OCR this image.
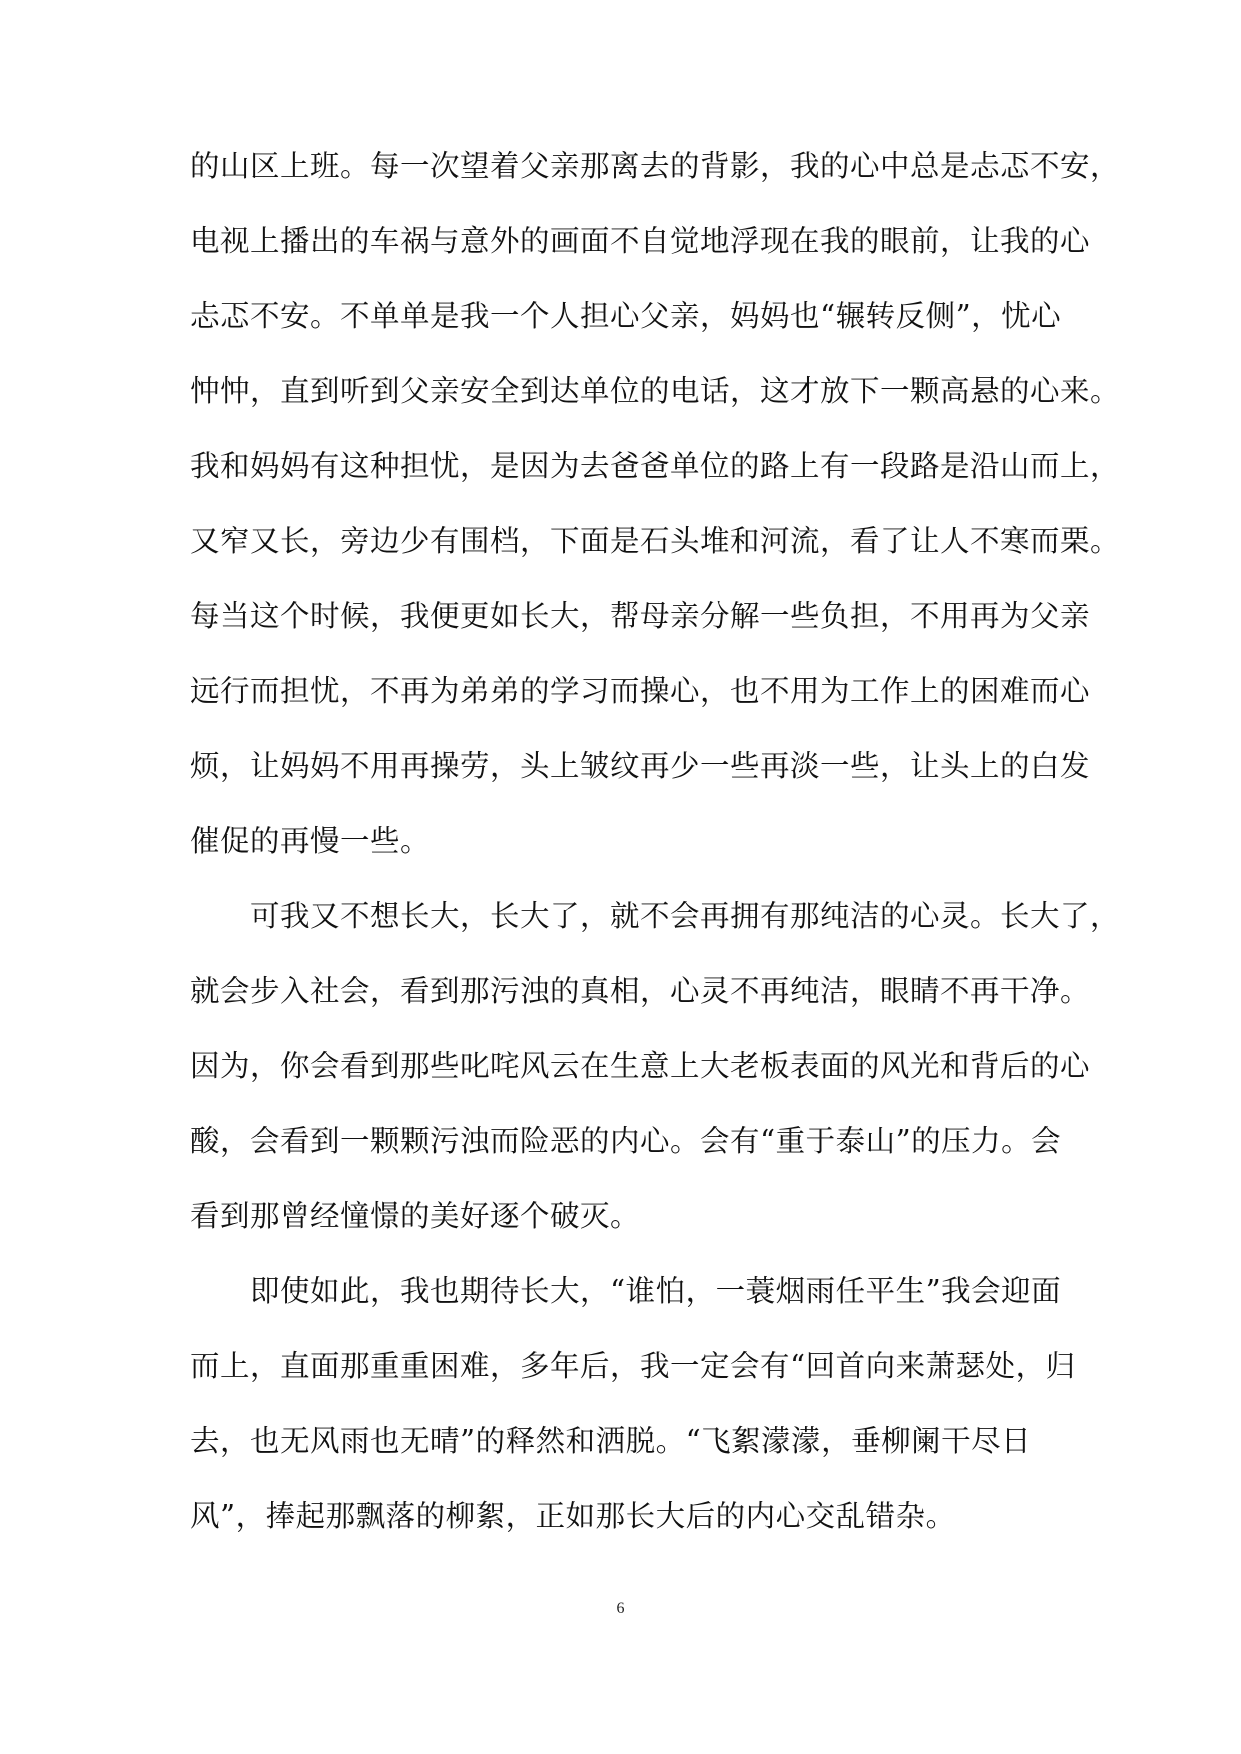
的山区上班。每一次望着父亲那离去的背影，我的心中总是忐忑不安，
电视上播出的车祸与意外的画面不自觉地浮现在我的眼前，让我的心
忐忑不安。不单单是我一个人担心父亲，妈妈也“辗转反侧”，忧心
忡忡，直到听到父亲安全到达单位的电话，这才放下一颗高悬的心来。
我和妈妈有这种担忧，是因为去爸爸单位的路上有一段路是沿山而上，
又窄又长，旁边少有围档，下面是石头堆和河流，看了让人不寒而栗。
每当这个时候，我便更如长大，帮母亲分解一些负担，不用再为父亲
远行而担忧，不再为弟弟的学习而操心，也不用为工作上的困难而心
烦，让妈妈不用再操劳，头上皱纹再少一些再淡一些，让头上的白发
催促的再慢一些。
可我又不想长大，长大了，就不会再拥有那纯洁的心灵。长大了，
就会步入社会，看到那污浊的真相，心灵不再纯洁，眼睛不再干净。
因为，你会看到那些叱咤风云在生意上大老板表面的风光和背后的心
酸，会看到一颗颗污浊而险恶的内心。会有“重于泰山”的压力。会
看到那曾经憧憬的美好逐个破灭。
即使如此，我也期待长大，“谁怕，一蓑烟雨任平生”我会迎面
而上，直面那重重困难，多年后，我一定会有“回首向来萧瑟处，归
去，也无风雨也无晴”的释然和洒脱。“飞絮濛濛，垂柳阑干尽日
风”，捧起那飘落的柳絮，正如那长大后的内心交乱错杂。
6
